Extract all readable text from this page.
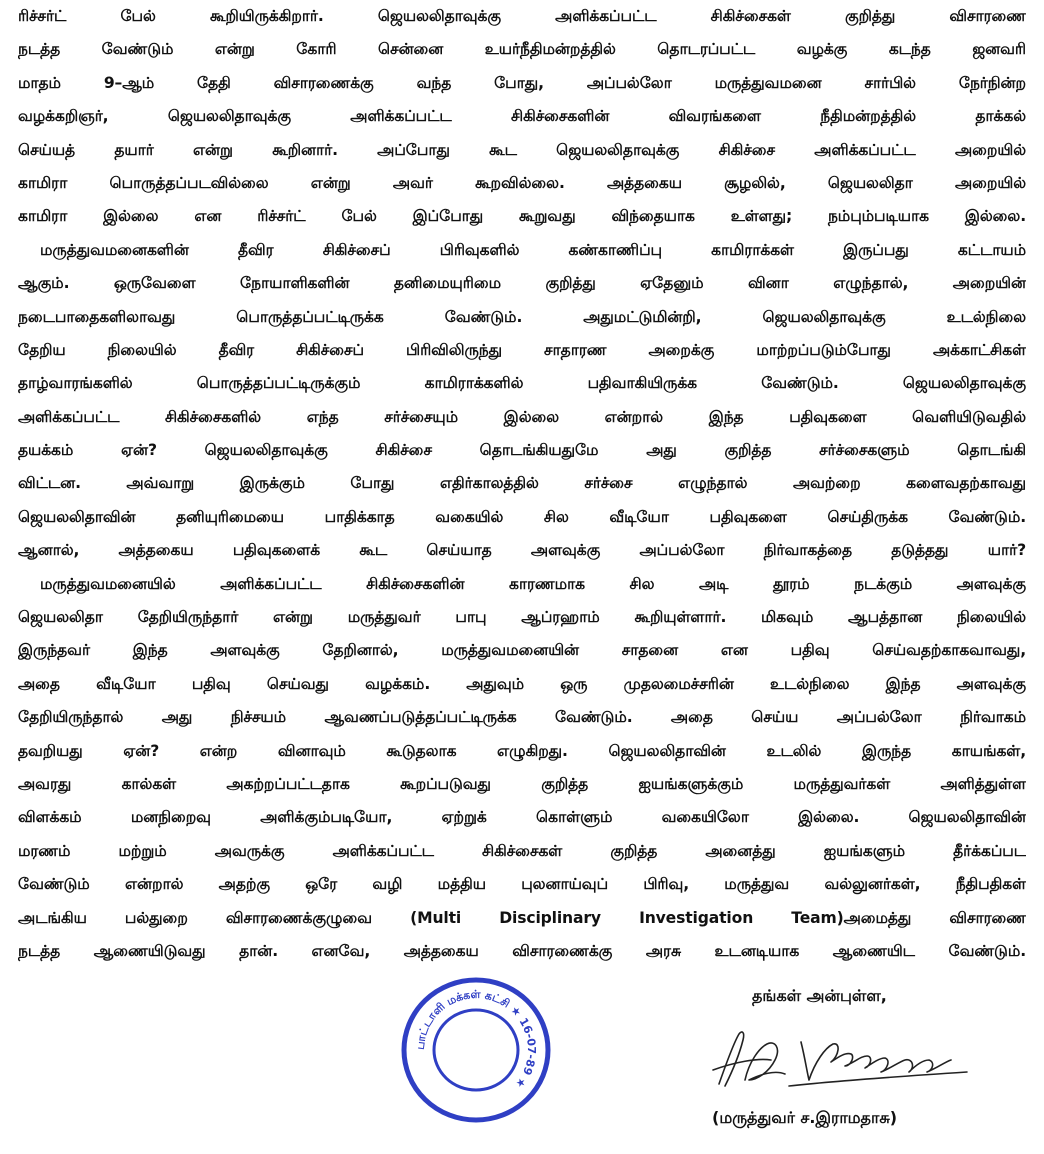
ரிச்சர்ட் பேல் கூறியிருக்கிறார். ஜெயலலிதாவுக்கு அளிக்கப்பட்ட சிகிச்சைகள் குறித்து விசாரணை
நடத்த வேண்டும் என்று கோரி சென்னை உயர்நீதிமன்றத்தில் தொடரப்பட்ட வழக்கு கடந்த ஜனவரி
மாதம் 9–ஆம் தேதி விசாரணைக்கு வந்த போது, அப்பல்லோ மருத்துவமனை சார்பில் நேர்நின்ற
வழக்கறிஞர், ஜெயலலிதாவுக்கு அளிக்கப்பட்ட சிகிச்சைகளின் விவரங்களை நீதிமன்றத்தில் தாக்கல்
செய்யத் தயார் என்று கூறினார். அப்போது கூட ஜெயலலிதாவுக்கு சிகிச்சை அளிக்கப்பட்ட அறையில்
காமிரா பொருத்தப்படவில்லை என்று அவர் கூறவில்லை. அத்தகைய சூழலில், ஜெயலலிதா அறையில்
காமிரா இல்லை என ரிச்சர்ட் பேல் இப்போது கூறுவது விந்தையாக உள்ளது; நம்பும்படியாக இல்லை.
மருத்துவமனைகளின் தீவிர சிகிச்சைப் பிரிவுகளில் கண்காணிப்பு காமிராக்கள் இருப்பது கட்டாயம்
ஆகும். ஒருவேளை நோயாளிகளின் தனிமையுரிமை குறித்து ஏதேனும் வினா எழுந்தால், அறையின்
நடைபாதைகளிலாவது பொருத்தப்பட்டிருக்க வேண்டும். அதுமட்டுமின்றி, ஜெயலலிதாவுக்கு உடல்நிலை
தேறிய நிலையில் தீவிர சிகிச்சைப் பிரிவிலிருந்து சாதாரண அறைக்கு மாற்றப்படும்போது அக்காட்சிகள்
தாழ்வாரங்களில் பொருத்தப்பட்டிருக்கும் காமிராக்களில் பதிவாகியிருக்க வேண்டும். ஜெயலலிதாவுக்கு
அளிக்கப்பட்ட சிகிச்சைகளில் எந்த சர்ச்சையும் இல்லை என்றால் இந்த பதிவுகளை வெளியிடுவதில்
தயக்கம் ஏன்? ஜெயலலிதாவுக்கு சிகிச்சை தொடங்கியதுமே அது குறித்த சர்ச்சைகளும் தொடங்கி
விட்டன. அவ்வாறு இருக்கும் போது எதிர்காலத்தில் சர்ச்சை எழுந்தால் அவற்றை களைவதற்காவது
ஜெயலலிதாவின் தனியுரிமையை பாதிக்காத வகையில் சில வீடியோ பதிவுகளை செய்திருக்க வேண்டும்.
ஆனால், அத்தகைய பதிவுகளைக் கூட செய்யாத அளவுக்கு அப்பல்லோ நிர்வாகத்தை தடுத்தது யார்?
மருத்துவமனையில் அளிக்கப்பட்ட சிகிச்சைகளின் காரணமாக சில அடி தூரம் நடக்கும் அளவுக்கு
ஜெயலலிதா தேறியிருந்தார் என்று மருத்துவர் பாபு ஆப்ரஹாம் கூறியுள்ளார். மிகவும் ஆபத்தான நிலையில்
இருந்தவர் இந்த அளவுக்கு தேறினால், மருத்துவமனையின் சாதனை என பதிவு செய்வதற்காகவாவது,
அதை வீடியோ பதிவு செய்வது வழக்கம். அதுவும் ஒரு முதலமைச்சரின் உடல்நிலை இந்த அளவுக்கு
தேறியிருந்தால் அது நிச்சயம் ஆவணப்படுத்தப்பட்டிருக்க வேண்டும். அதை செய்ய அப்பல்லோ நிர்வாகம்
தவறியது ஏன்? என்ற வினாவும் கூடுதலாக எழுகிறது. ஜெயலலிதாவின் உடலில் இருந்த காயங்கள்,
அவரது கால்கள் அகற்றப்பட்டதாக கூறப்படுவது குறித்த ஐயங்களுக்கும் மருத்துவர்கள் அளித்துள்ள
விளக்கம் மனநிறைவு அளிக்கும்படியோ, ஏற்றுக் கொள்ளும் வகையிலோ இல்லை. ஜெயலலிதாவின்
மரணம் மற்றும் அவருக்கு அளிக்கப்பட்ட சிகிச்சைகள் குறித்த அனைத்து ஐயங்களும் தீர்க்கப்பட
வேண்டும் என்றால் அதற்கு ஒரே வழி மத்திய புலனாய்வுப் பிரிவு, மருத்துவ வல்லுனர்கள், நீதிபதிகள்
அடங்கிய பல்துறை விசாரணைக்குழுவை (Multi Disciplinary Investigation Team)அமைத்து விசாரணை
நடத்த ஆணையிடுவது தான். எனவே, அத்தகைய விசாரணைக்கு அரசு உடனடியாக ஆணையிட வேண்டும்.
பாட்டாளி மக்கள் கட்சி ★ 16-07-89 ★
தங்கள் அன்புள்ள,
(மருத்துவர் ச.இராமதாசு)
